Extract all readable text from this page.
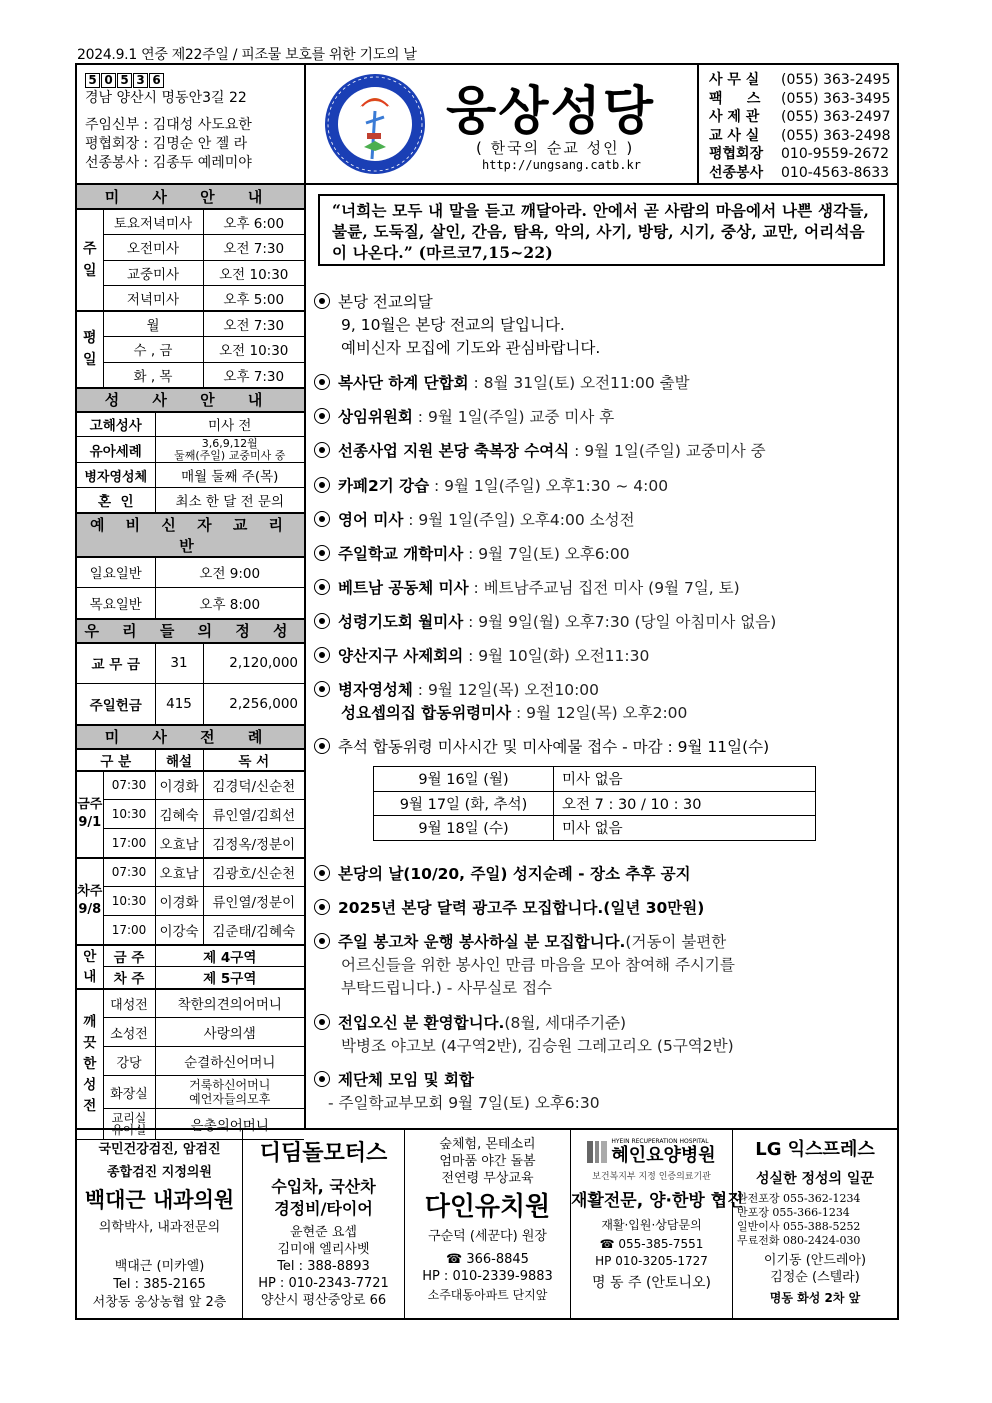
2024.9.1 연중 제22주일 / 피조물 보호를 위한 기도의 날
5 0 5 3 6
경남 양산시 명동안3길 22
주임신부 : 김대성 사도요한
평협회장 : 김명순 안 젤 라
선종봉사 : 김종두 예레미야
웅상성당
( 한국의 순교 성인 )
http://ungsang.catb.kr
사 무 실	(055) 363-2495
팩     스	(055) 363-3495
사 제 관	(055) 363-2497
교 사 실	(055) 363-2498
평협회장	010-9559-2672
선종봉사	010-4563-8633
미 사 안 내			
주
일	토요저녁미사		오후 6:00
	오전미사		오전 7:30
	교중미사		오전 10:30
	저녁미사		오후 5:00
평
일	월		오전 7:30
	수 , 금		오전 10:30
	화 , 목		오후 7:30
성 사 안 내			
고해성사		미사 전	
유아세례		3,6,9,12월
둘째(주일) 교중미사 중	

병자영성체		매월 둘째 주(목)	
혼  인		최소 한 달 전 문의	
예 비 신 자 교 리 반			
일요일반		오전 9:00	
목요일반		오후 8:00	
우 리 들 의 정 성			
교 무 금		31	2,120,000
주일헌금		415	2,256,000
미 사 전 례			
구 분		해설	독 서

금주
9/1	07:30	이경화	김경덕/신순천
	10:30	김혜숙	류인열/김희선
	17:00	오효남	김정옥/정분이

차주
9/8	07:30	오효남	김광호/신순천
	10:30	이경화	류인열/정분이
	17:00	이강숙	김준태/김혜숙

안
내	금 주	제 4구역	
	차 주	제 5구역	

깨
끗
한
성
전	대성전	착한의견의어머니	
	소성전	사랑의샘	
	강당	순결하신어머니	
	화장실	거룩하신어머니
예언자들의모후	

	교리실
유아실	은총의어머니	
“너희는 모두 내 말을 듣고 깨달아라. 안에서 곧 사람의 마음에서 나쁜 생각들, 불륜, 도둑질, 살인, 간음, 탐욕, 악의, 사기, 방탕, 시기, 중상, 교만, 어리석음이 나온다.” (마르코7,15~22)
본당 전교의달
9, 10월은 본당 전교의 달입니다.
예비신자 모집에 기도와 관심바랍니다.
복사단 하계 단합회 : 8월 31일(토) 오전11:00 출발
상임위원회 : 9월 1일(주일) 교중 미사 후
선종사업 지원 본당 축복장 수여식 : 9월 1일(주일) 교중미사 중
카페2기 강습 : 9월 1일(주일) 오후1:30 ~ 4:00
영어 미사 : 9월 1일(주일) 오후4:00 소성전
주일학교 개학미사 : 9월 7일(토) 오후6:00
베트남 공동체 미사 : 베트남주교님 집전 미사 (9월 7일, 토)
성령기도회 월미사 : 9월 9일(월) 오후7:30 (당일 아침미사 없음)
양산지구 사제회의 : 9월 10일(화) 오전11:30
병자영성체 : 9월 12일(목) 오전10:00
성요셉의집 합동위령미사 : 9월 12일(목) 오후2:00
추석 합동위령 미사시간 및 미사예물 접수 - 마감 : 9월 11일(수)
9월 16일 (월)	미사 없음
9월 17일 (화, 추석)	오전 7 : 30 / 10 : 30
9월 18일 (수)	미사 없음
본당의 날(10/20, 주일) 성지순례 - 장소 추후 공지
2025년 본당 달력 광고주 모집합니다.(일년 30만원)
주일 봉고차 운행 봉사하실 분 모집합니다.(거동이 불편한
어르신들을 위한 봉사인 만큼 마음을 모아 참여해 주시기를
부탁드립니다.) - 사무실로 접수
전입오신 분 환영합니다.(8월, 세대주기준)
박병조 야고보 (4구역2반), 김승원 그레고리오 (5구역2반)
제단체 모임 및 회합
- 주일학교부모회 9월 7일(토) 오후6:30

국민건강검진, 암검진

종합검진 지정의원

백대근 내과의원

의학박사, 내과전문의

백대근 (미카엘)

Tel : 385-2165

서창동 웅상농협 앞 2층

디딤돌모터스

수입차, 국산차

경정비/타이어

윤현준 요셉

김미애 엘리사벳

Tel : 388-8893

HP : 010-2343-7721

양산시 평산중앙로 66

숲체험, 몬테소리

엄마품 야간 돌봄

전연령 무상교육

다인유치원

구순덕 (세꾼다) 원장

☎ 366-8845

HP : 010-2339-9883

소주대동아파트 단지앞

HYEIN RECUPERATION HOSPITAL

혜인요양병원

보건복지부 지정 인증의료기관

재활전문, 양·한방 협진

재활·입원·상담문의

☎ 055-385-7551

HP 010-3205-1727

명 동 주 (안토니오)

LG 익스프레스

성실한 정성의 일꾼

완전포장 055-362-1234
반포장 055-366-1234
일반이사 055-388-5252
무료전화 080-2424-030

이기동 (안드레아)

김정순 (스텔라)

명동 화성 2차 앞
